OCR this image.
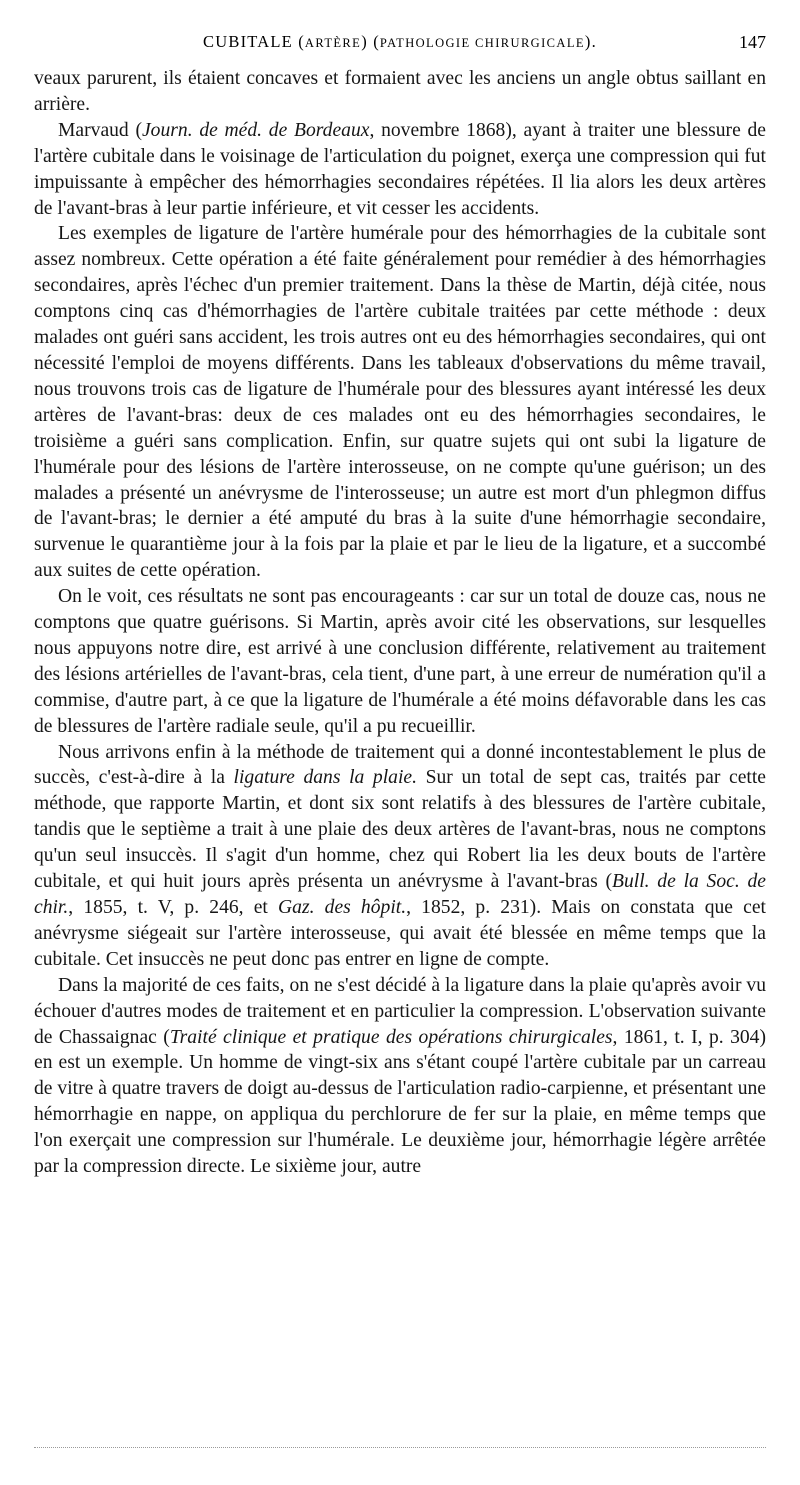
CUBITALE (ARTÈRE) (PATHOLOGIE CHIRURGICALE).	147

veaux parurent, ils étaient concaves et formaient avec les anciens un angle obtus saillant en arrière.

Marvaud (Journ. de méd. de Bordeaux, novembre 1868), ayant à traiter une blessure de l'artère cubitale dans le voisinage de l'articulation du poignet, exerça une compression qui fut impuissante à empêcher des hémorrhagies secondaires répétées. Il lia alors les deux artères de l'avant-bras à leur partie inférieure, et vit cesser les accidents.

Les exemples de ligature de l'artère humérale pour des hémorrhagies de la cubitale sont assez nombreux. Cette opération a été faite généralement pour remédier à des hémorrhagies secondaires, après l'échec d'un premier traitement. Dans la thèse de Martin, déjà citée, nous comptons cinq cas d'hémorrhagies de l'artère cubitale traitées par cette méthode : deux malades ont guéri sans accident, les trois autres ont eu des hémorrhagies secondaires, qui ont nécessité l'emploi de moyens différents. Dans les tableaux d'observations du même travail, nous trouvons trois cas de ligature de l'humérale pour des blessures ayant intéressé les deux artères de l'avant-bras: deux de ces malades ont eu des hémorrhagies secondaires, le troisième a guéri sans complication. Enfin, sur quatre sujets qui ont subi la ligature de l'humérale pour des lésions de l'artère interosseuse, on ne compte qu'une guérison; un des malades a présenté un anévrysme de l'interosseuse; un autre est mort d'un phlegmon diffus de l'avant-bras; le dernier a été amputé du bras à la suite d'une hémorrhagie secondaire, survenue le quarantième jour à la fois par la plaie et par le lieu de la ligature, et a succombé aux suites de cette opération.

On le voit, ces résultats ne sont pas encourageants : car sur un total de douze cas, nous ne comptons que quatre guérisons. Si Martin, après avoir cité les observations, sur lesquelles nous appuyons notre dire, est arrivé à une conclusion différente, relativement au traitement des lésions artérielles de l'avant-bras, cela tient, d'une part, à une erreur de numération qu'il a commise, d'autre part, à ce que la ligature de l'humérale a été moins défavorable dans les cas de blessures de l'artère radiale seule, qu'il a pu recueillir.

Nous arrivons enfin à la méthode de traitement qui a donné incontestablement le plus de succès, c'est-à-dire à la ligature dans la plaie. Sur un total de sept cas, traités par cette méthode, que rapporte Martin, et dont six sont relatifs à des blessures de l'artère cubitale, tandis que le septième a trait à une plaie des deux artères de l'avant-bras, nous ne comptons qu'un seul insuccès. Il s'agit d'un homme, chez qui Robert lia les deux bouts de l'artère cubitale, et qui huit jours après présenta un anévrysme à l'avant-bras (Bull. de la Soc. de chir., 1855, t. V, p. 246, et Gaz. des hôpit., 1852, p. 231). Mais on constata que cet anévrysme siégeait sur l'artère interosseuse, qui avait été blessée en même temps que la cubitale. Cet insuccès ne peut donc pas entrer en ligne de compte.

Dans la majorité de ces faits, on ne s'est décidé à la ligature dans la plaie qu'après avoir vu échouer d'autres modes de traitement et en particulier la compression. L'observation suivante de Chassaignac (Traité clinique et pratique des opérations chirurgicales, 1861, t. I, p. 304) en est un exemple. Un homme de vingt-six ans s'étant coupé l'artère cubitale par un carreau de vitre à quatre travers de doigt au-dessus de l'articulation radio-carpienne, et présentant une hémorrhagie en nappe, on appliqua du perchlorure de fer sur la plaie, en même temps que l'on exerçait une compression sur l'humérale. Le deuxième jour, hémorrhagie légère arrêtée par la compression directe. Le sixième jour, autre
